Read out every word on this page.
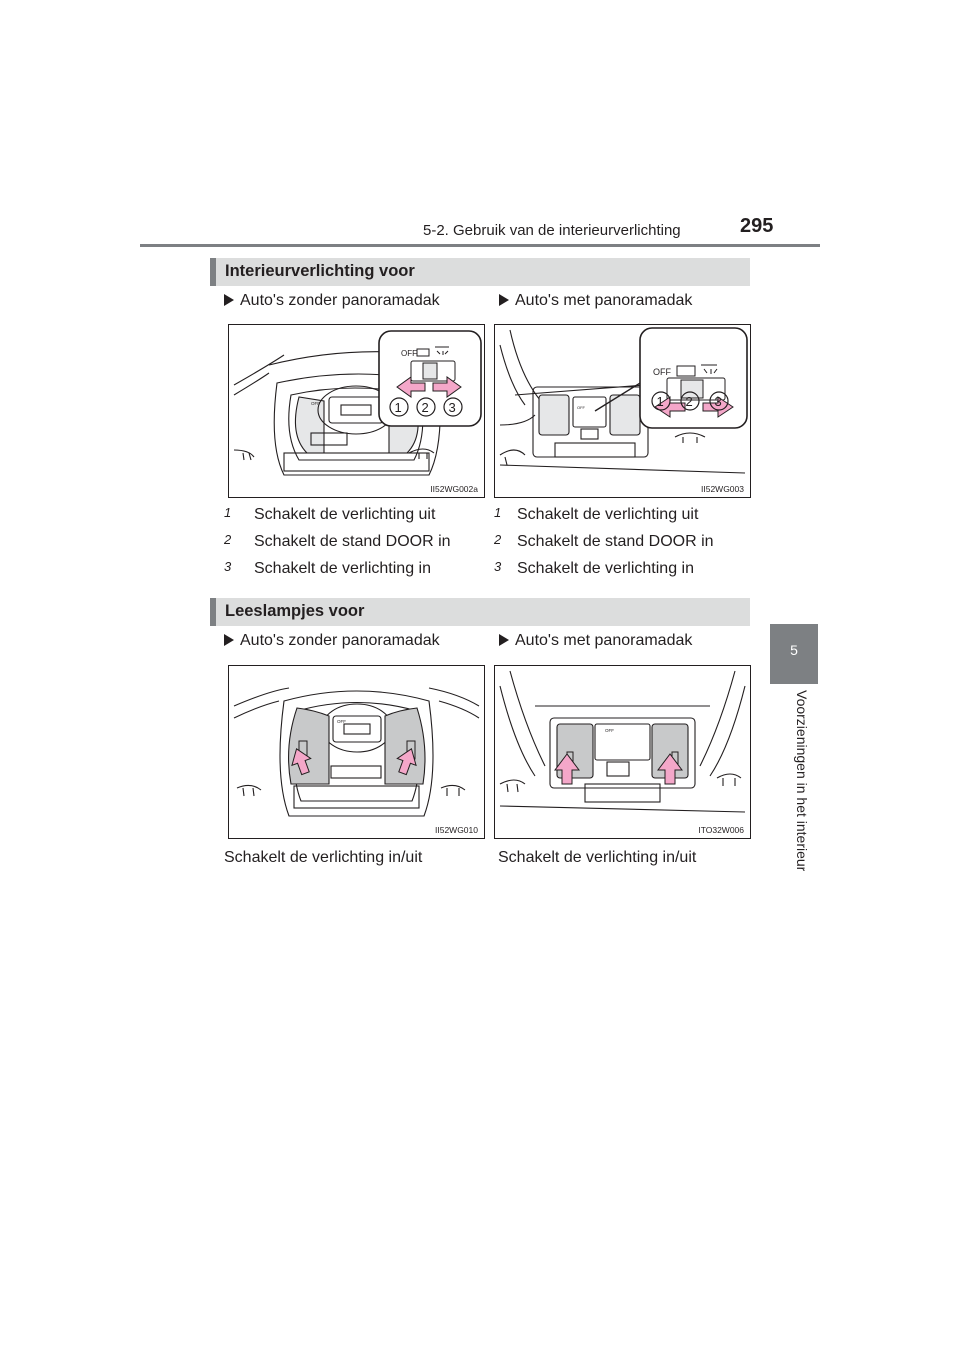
5-2. Gebruik van de interieurverlichting	295
5
Voorzieningen in het interieur
Interieurverlichting voor
Auto's zonder panoramadak	Auto's met panoramadak
OFF
OFF
1 2 3
II52WG002a
OFF
OFF
II52WG003
1 Schakelt de verlichting uit
2 Schakelt de stand DOOR in
3 Schakelt de verlichting in
1 Schakelt de verlichting uit
2 Schakelt de stand DOOR in
3 Schakelt de verlichting in
Leeslampjes voor
Auto's zonder panoramadak	Auto's met panoramadak
OFF
II52WG010
OFF
ITO32W006
Schakelt de verlichting in/uit	Schakelt de verlichting in/uit
1 2 3
